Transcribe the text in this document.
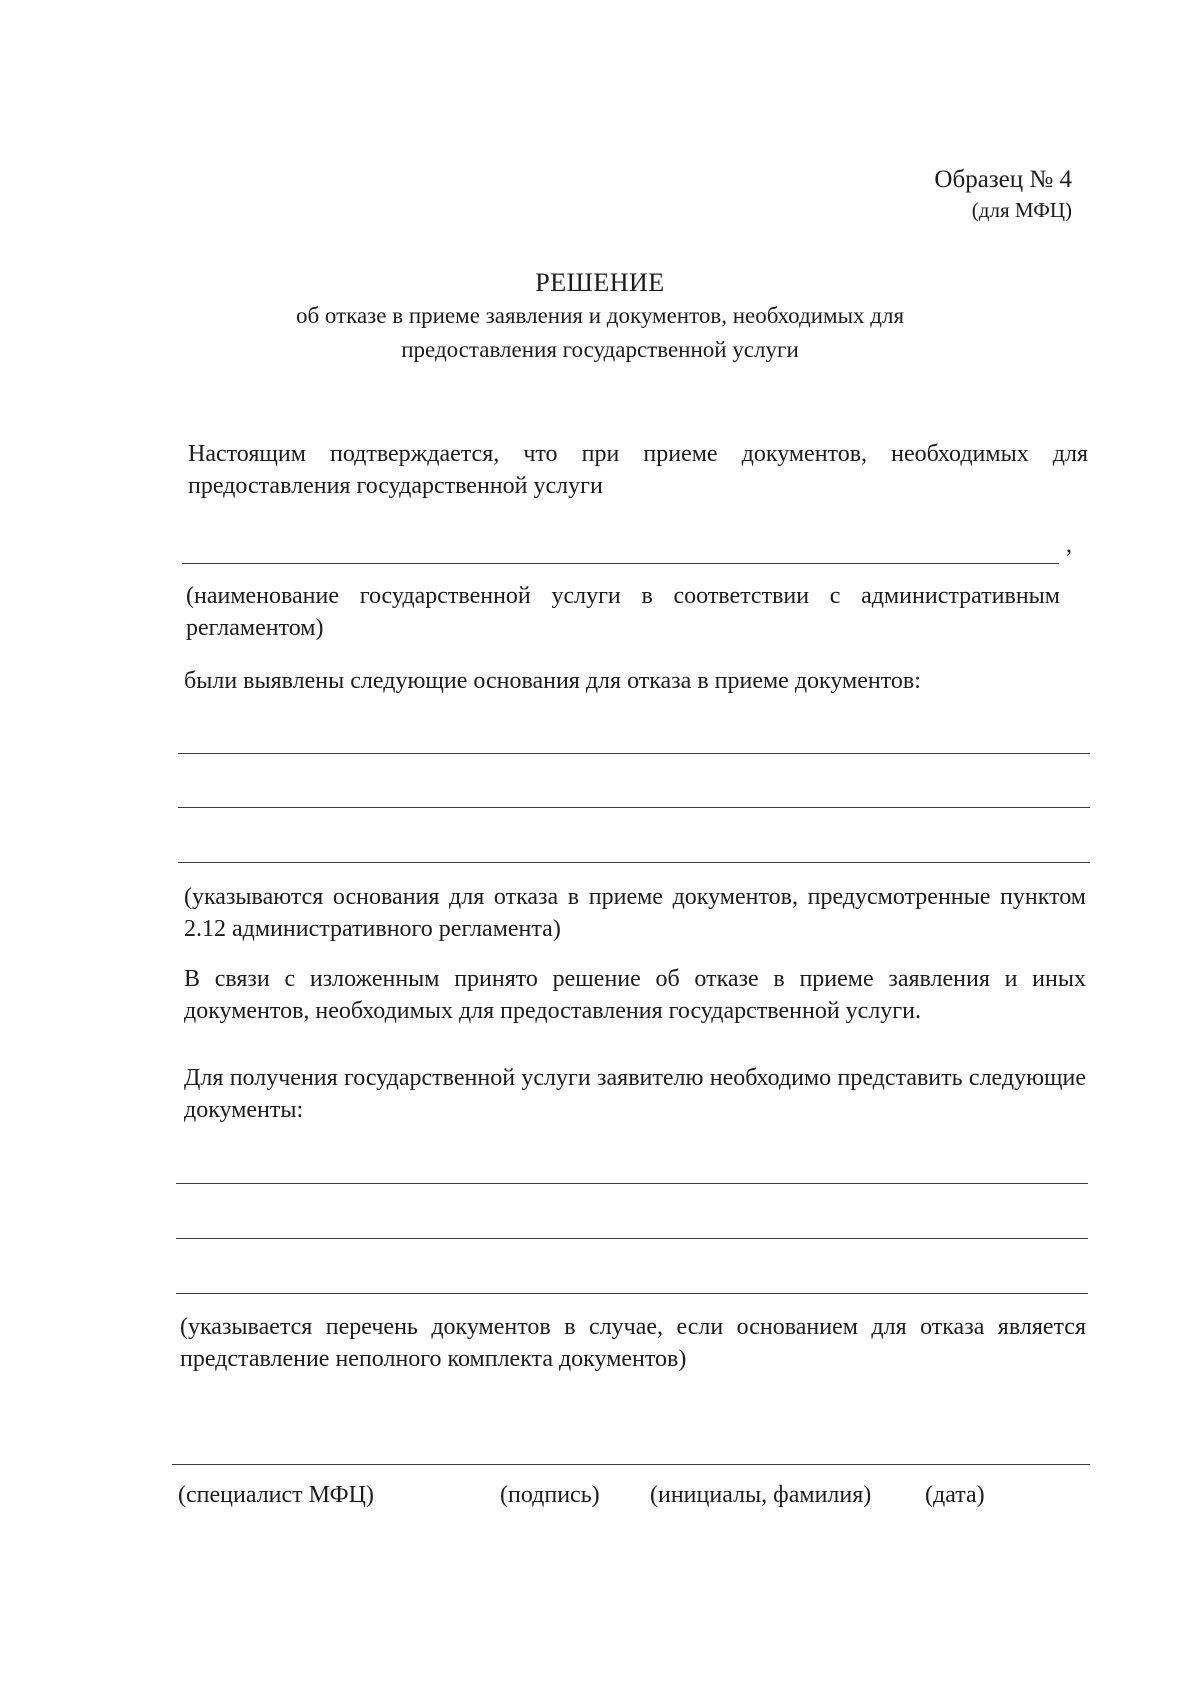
Образец № 4
(для МФЦ)
РЕШЕНИЕ
об отказе в приеме заявления и документов, необходимых для
предоставления государственной услуги
Настоящим подтверждается, что при приеме документов, необходимых для предоставления государственной услуги
,
(наименование государственной услуги в соответствии с административным регламентом)
были выявлены следующие основания для отказа в приеме документов:
(указываются основания для отказа в приеме документов, предусмотренные пунктом 2.12 административного регламента)
В связи с изложенным принято решение об отказе в приеме заявления и иных документов, необходимых для предоставления государственной услуги.
Для получения государственной услуги заявителю необходимо представить следующие документы:
(указывается перечень документов в случае, если основанием для отказа является представление неполного комплекта документов)
(специалист МФЦ)	(подпись) (инициалы, фамилия) (дата)
